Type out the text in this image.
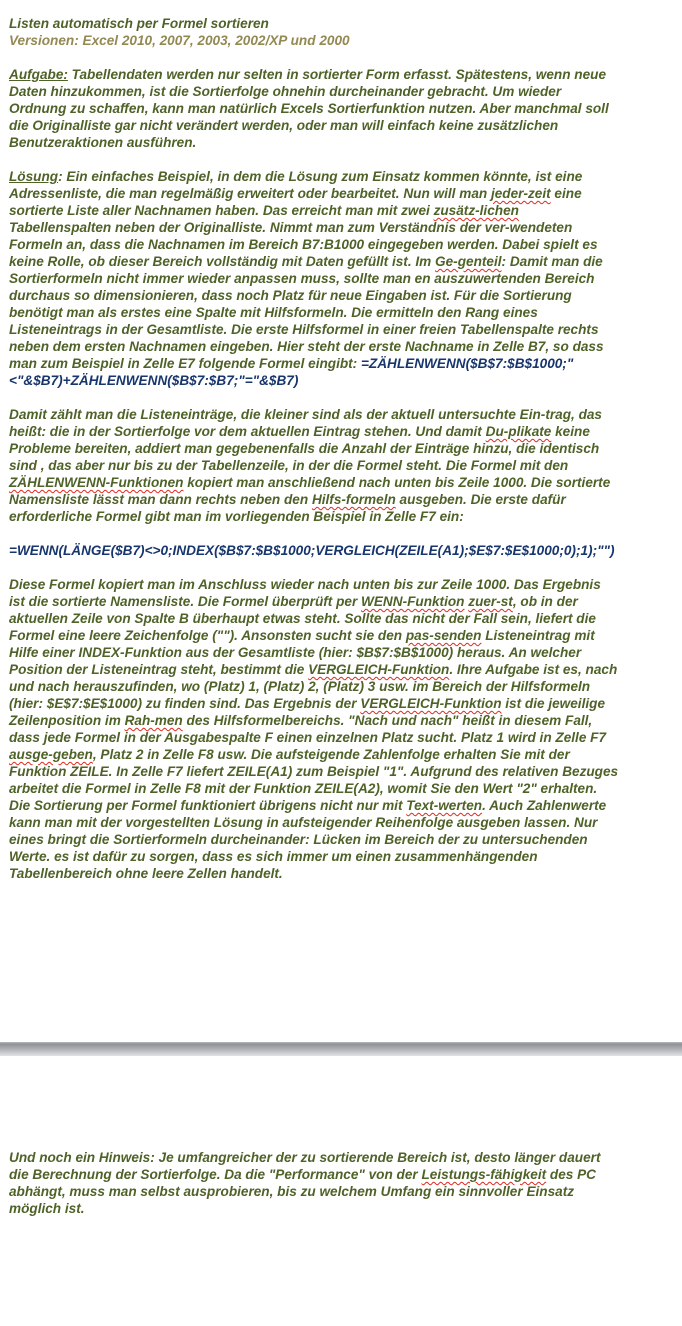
Listen automatisch per Formel sortieren

Versionen: Excel 2010, 2007, 2003, 2002/XP und 2000

Aufgabe: Tabellendaten werden nur selten in sortierter Form erfasst. Spätestens, wenn neue Daten hinzukommen, ist die Sortierfolge ohnehin durcheinander gebracht. Um wieder Ordnung zu schaffen, kann man natürlich Excels Sortierfunktion nutzen. Aber manchmal soll die Originalliste gar nicht verändert werden, oder man will einfach keine zusätzlichen Benutzeraktionen ausführen.

Lösung: Ein einfaches Beispiel, in dem die Lösung zum Einsatz kommen könnte, ist eine Adressenliste, die man regelmäßig erweitert oder bearbeitet. Nun will man jeder-zeit eine sortierte Liste aller Nachnamen haben. Das erreicht man mit zwei zusätz-lichen Tabellenspalten neben der Originalliste. Nimmt man zum Verständnis der ver-wendeten Formeln an, dass die Nachnamen im Bereich B7:B1000 eingegeben werden. Dabei spielt es keine Rolle, ob dieser Bereich vollständig mit Daten gefüllt ist. Im Ge-genteil: Damit man die Sortierformeln nicht immer wieder anpassen muss, sollte man en auszuwertenden Bereich durchaus so dimensionieren, dass noch Platz für neue Eingaben ist. Für die Sortierung benötigt man als erstes eine Spalte mit Hilfsformeln. Die ermitteln den Rang eines Listeneintrags in der Gesamtliste. Die erste Hilfsformel in einer freien Tabellenspalte rechts neben dem ersten Nachnamen eingeben. Hier steht der erste Nachname in Zelle B7, so dass man zum Beispiel in Zelle E7 folgende Formel eingibt: =ZÄHLENWENN($B$7:$B$1000;"<"&$B7)+ZÄHLENWENN($B$7:$B7;"="&$B7)

Damit zählt man die Listeneinträge, die kleiner sind als der aktuell untersuchte Ein-trag, das heißt: die in der Sortierfolge vor dem aktuellen Eintrag stehen. Und damit Du-plikate keine Probleme bereiten, addiert man gegebenenfalls die Anzahl der Einträge hinzu, die identisch sind , das aber nur bis zu der Tabellenzeile, in der die Formel steht. Die Formel mit den ZÄHLENWENN-Funktionen kopiert man anschließend nach unten bis Zeile 1000. Die sortierte Namensliste lässt man dann rechts neben den Hilfs-formeln ausgeben. Die erste dafür erforderliche Formel gibt man im vorliegenden Beispiel in Zelle F7 ein:

=WENN(LÄNGE($B7)<>0;INDEX($B$7:$B$1000;VERGLEICH(ZEILE(A1);$E$7:$E$1000;0);1);"")

Diese Formel kopiert man im Anschluss wieder nach unten bis zur Zeile 1000. Das Ergebnis ist die sortierte Namensliste. Die Formel überprüft per WENN-Funktion zuer-st, ob in der aktuellen Zeile von Spalte B überhaupt etwas steht. Sollte das nicht der Fall sein, liefert die Formel eine leere Zeichenfolge (""). Ansonsten sucht sie den pas-senden Listeneintrag mit Hilfe einer INDEX-Funktion aus der Gesamtliste (hier: $B$7:$B$1000) heraus. An welcher Position der Listeneintrag steht, bestimmt die VERGLEICH-Funktion. Ihre Aufgabe ist es, nach und nach herauszufinden, wo (Platz) 1, (Platz) 2, (Platz) 3 usw. im Bereich der Hilfsformeln (hier: $E$7:$E$1000) zu finden sind. Das Ergebnis der VERGLEICH-Funktion ist die jeweilige Zeilenposition im Rah-men des Hilfsformelbereichs. "Nach und nach" heißt in diesem Fall, dass jede Formel in der Ausgabespalte F einen einzelnen Platz sucht. Platz 1 wird in Zelle F7 ausge-geben, Platz 2 in Zelle F8 usw. Die aufsteigende Zahlenfolge erhalten Sie mit der Funktion ZEILE. In Zelle F7 liefert ZEILE(A1) zum Beispiel "1". Aufgrund des relativen Bezuges arbeitet die Formel in Zelle F8 mit der Funktion ZEILE(A2), womit Sie den Wert "2" erhalten. Die Sortierung per Formel funktioniert übrigens nicht nur mit Text-werten. Auch Zahlenwerte kann man mit der vorgestellten Lösung in aufsteigender Reihenfolge ausgeben lassen. Nur eines bringt die Sortierformeln durcheinander: Lücken im Bereich der zu untersuchenden Werte. es ist dafür zu sorgen, dass es sich immer um einen zusammenhängenden Tabellenbereich ohne leere Zellen handelt.

Und noch ein Hinweis: Je umfangreicher der zu sortierende Bereich ist, desto länger dauert die Berechnung der Sortierfolge. Da die "Performance" von der Leistungs-fähigkeit des PC abhängt, muss man selbst ausprobieren, bis zu welchem Umfang ein sinnvoller Einsatz möglich ist.
